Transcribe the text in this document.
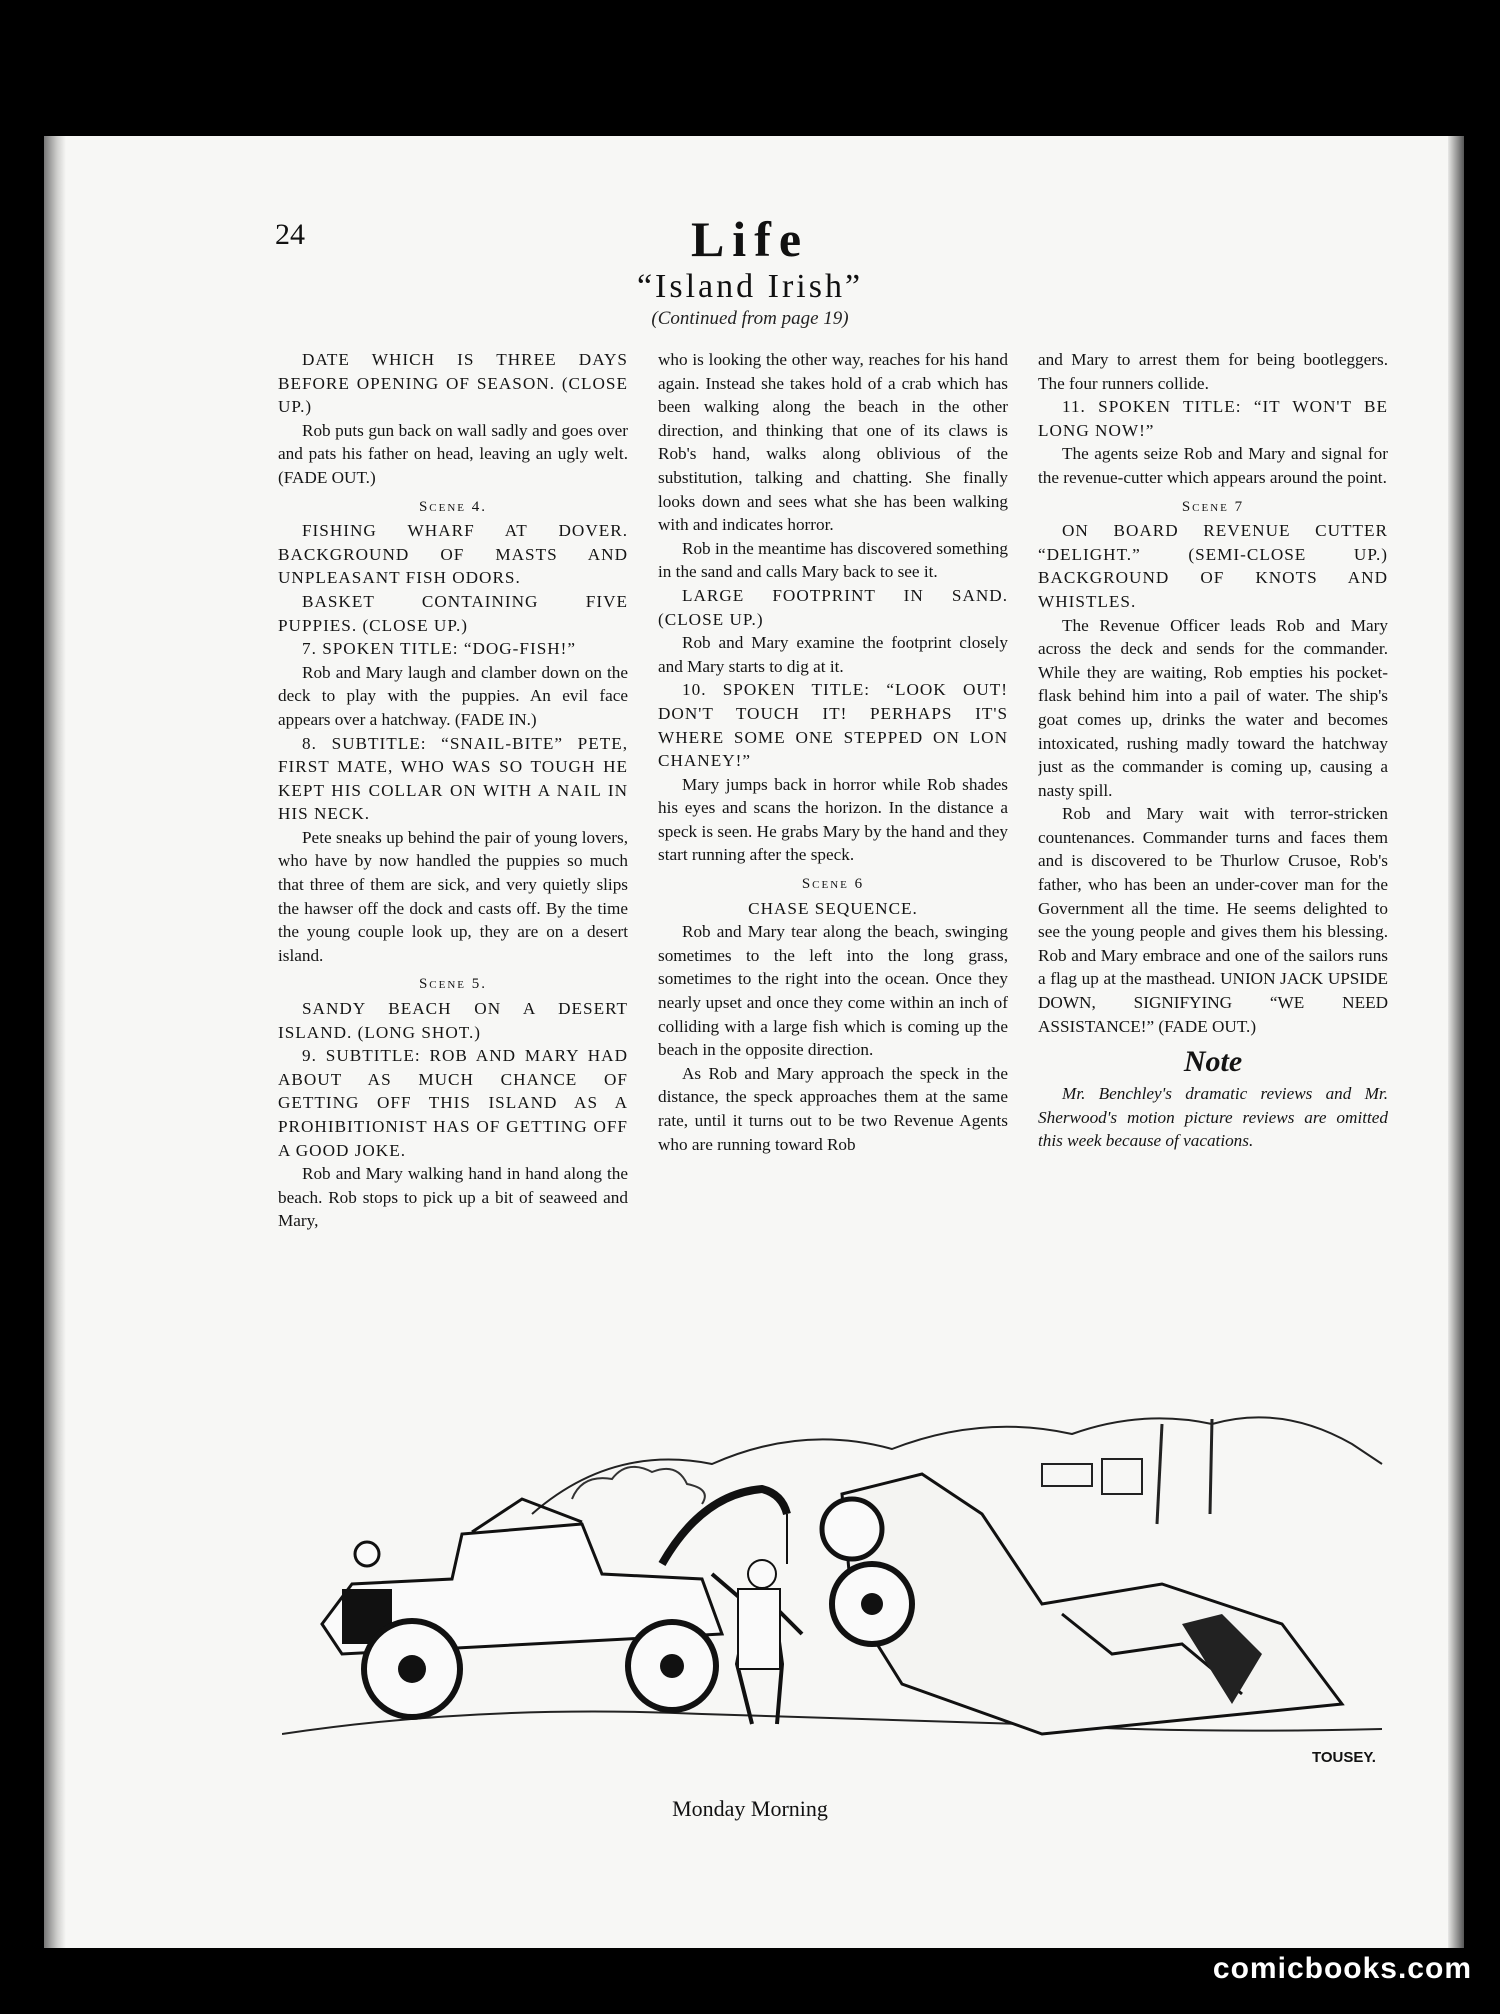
24	Life
“Island Irish”
(Continued from page 19)

DATE WHICH IS THREE DAYS BEFORE OPENING OF SEASON. (CLOSE UP.)

Rob puts gun back on wall sadly and goes over and pats his father on head, leaving an ugly welt. (FADE OUT.)

Scene 4.

FISHING WHARF AT DOVER. BACKGROUND OF MASTS AND UNPLEASANT FISH ODORS.

BASKET CONTAINING FIVE PUPPIES. (CLOSE UP.)

7. SPOKEN TITLE: “DOG-FISH!”

Rob and Mary laugh and clamber down on the deck to play with the puppies. An evil face appears over a hatchway. (FADE IN.)

8. SUBTITLE: “SNAIL-BITE” PETE, FIRST MATE, WHO WAS SO TOUGH HE KEPT HIS COLLAR ON WITH A NAIL IN HIS NECK.

Pete sneaks up behind the pair of young lovers, who have by now handled the puppies so much that three of them are sick, and very quietly slips the hawser off the dock and casts off. By the time the young couple look up, they are on a desert island.

Scene 5.

SANDY BEACH ON A DESERT ISLAND. (LONG SHOT.)

9. SUBTITLE: ROB AND MARY HAD ABOUT AS MUCH CHANCE OF GETTING OFF THIS ISLAND AS A PROHIBITIONIST HAS OF GETTING OFF A GOOD JOKE.

Rob and Mary walking hand in hand along the beach. Rob stops to pick up a bit of seaweed and Mary,

who is looking the other way, reaches for his hand again. Instead she takes hold of a crab which has been walking along the beach in the other direction, and thinking that one of its claws is Rob's hand, walks along oblivious of the substitution, talking and chatting. She finally looks down and sees what she has been walking with and indicates horror.

Rob in the meantime has discovered something in the sand and calls Mary back to see it.

LARGE FOOTPRINT IN SAND. (CLOSE UP.)

Rob and Mary examine the footprint closely and Mary starts to dig at it.

10. SPOKEN TITLE: “LOOK OUT! DON'T TOUCH IT! PERHAPS IT'S WHERE SOME ONE STEPPED ON LON CHANEY!”

Mary jumps back in horror while Rob shades his eyes and scans the horizon. In the distance a speck is seen. He grabs Mary by the hand and they start running after the speck.

Scene 6

CHASE SEQUENCE.

Rob and Mary tear along the beach, swinging sometimes to the left into the long grass, sometimes to the right into the ocean. Once they nearly upset and once they come within an inch of colliding with a large fish which is coming up the beach in the opposite direction.

As Rob and Mary approach the speck in the distance, the speck approaches them at the same rate, until it turns out to be two Revenue Agents who are running toward Rob

and Mary to arrest them for being bootleggers. The four runners collide.

11. SPOKEN TITLE: “IT WON'T BE LONG NOW!”

The agents seize Rob and Mary and signal for the revenue-cutter which appears around the point.

Scene 7

ON BOARD REVENUE CUTTER “DELIGHT.” (SEMI-CLOSE UP.) BACKGROUND OF KNOTS AND WHISTLES.

The Revenue Officer leads Rob and Mary across the deck and sends for the commander. While they are waiting, Rob empties his pocket-flask behind him into a pail of water. The ship's goat comes up, drinks the water and becomes intoxicated, rushing madly toward the hatchway just as the commander is coming up, causing a nasty spill.

Rob and Mary wait with terror-stricken countenances. Commander turns and faces them and is discovered to be Thurlow Crusoe, Rob's father, who has been an under-cover man for the Government all the time. He seems delighted to see the young people and gives them his blessing. Rob and Mary embrace and one of the sailors runs a flag up at the masthead. UNION JACK UPSIDE DOWN, SIGNIFYING “WE NEED ASSISTANCE!” (FADE OUT.)

Note

Mr. Benchley's dramatic reviews and Mr. Sherwood's motion picture reviews are omitted this week because of vacations.

TOUSEY.
Monday Morning
comicbooks.com
